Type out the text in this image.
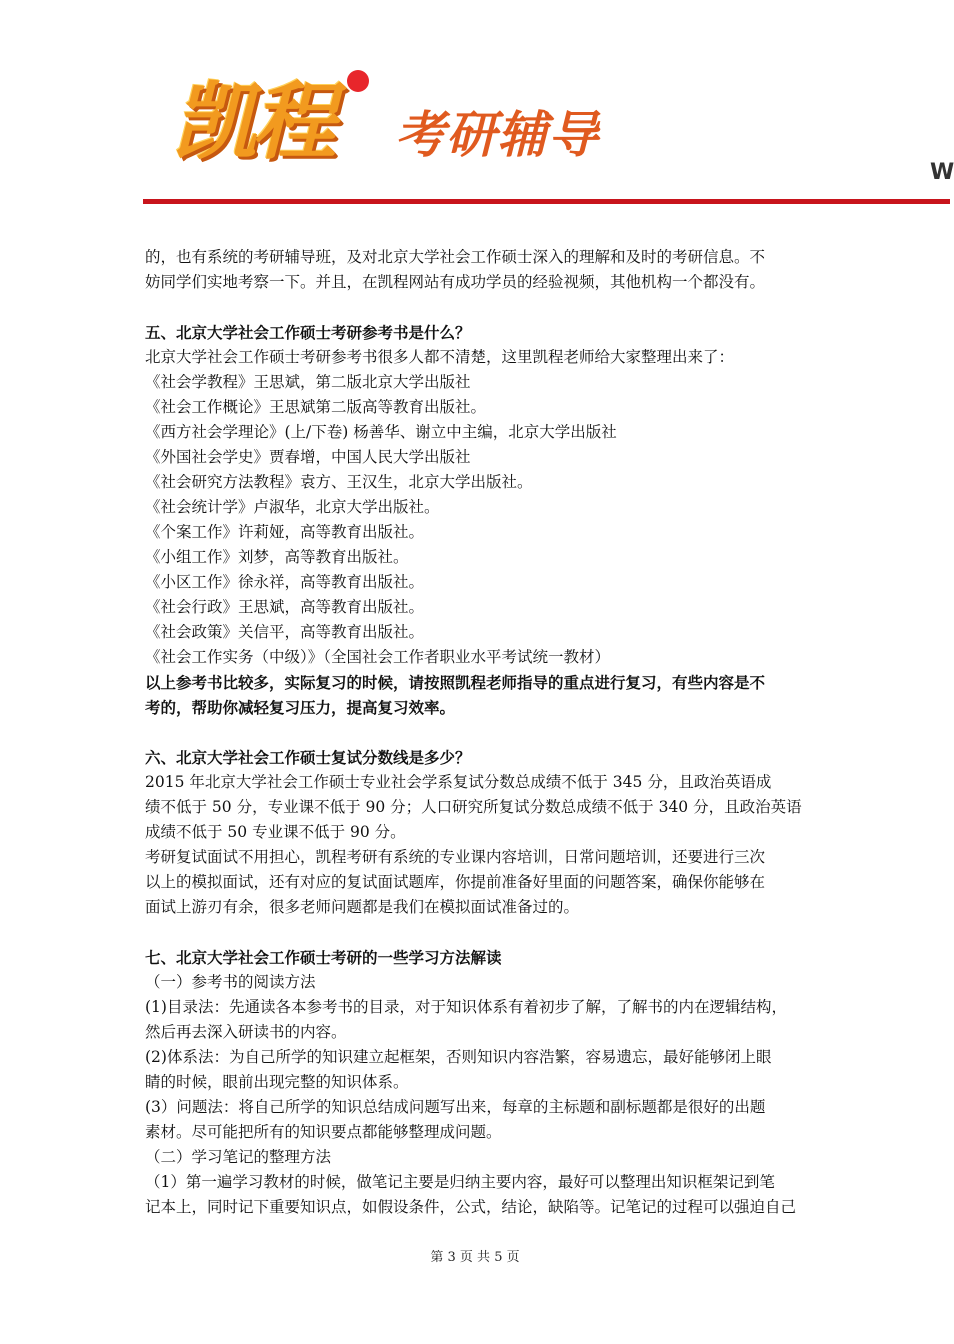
凯程 考研辅导
W
的，也有系统的考研辅导班，及对北京大学社会工作硕士深入的理解和及时的考研信息。不
妨同学们实地考察一下。并且，在凯程网站有成功学员的经验视频，其他机构一个都没有。
五、北京大学社会工作硕士考研参考书是什么？
北京大学社会工作硕士考研参考书很多人都不清楚，这里凯程老师给大家整理出来了：
《社会学教程》王思斌，第二版北京大学出版社
《社会工作概论》王思斌第二版高等教育出版社。
《西方社会学理论》(上/下卷) 杨善华、谢立中主编，北京大学出版社
《外国社会学史》贾春增，中国人民大学出版社
《社会研究方法教程》袁方、王汉生，北京大学出版社。
《社会统计学》卢淑华，北京大学出版社。
《个案工作》许莉娅，高等教育出版社。
《小组工作》刘梦，高等教育出版社。
《小区工作》徐永祥，高等教育出版社。
《社会行政》王思斌，高等教育出版社。
《社会政策》关信平，高等教育出版社。
《社会工作实务（中级）》（全国社会工作者职业水平考试统一教材）
以上参考书比较多，实际复习的时候，请按照凯程老师指导的重点进行复习，有些内容是不
考的，帮助你减轻复习压力，提高复习效率。
六、北京大学社会工作硕士复试分数线是多少？
2015 年北京大学社会工作硕士专业社会学系复试分数总成绩不低于 345 分，且政治英语成
绩不低于 50 分，专业课不低于 90 分；人口研究所复试分数总成绩不低于 340 分，且政治英语
成绩不低于 50 专业课不低于 90 分。
考研复试面试不用担心，凯程考研有系统的专业课内容培训，日常问题培训，还要进行三次
以上的模拟面试，还有对应的复试面试题库，你提前准备好里面的问题答案，确保你能够在
面试上游刃有余，很多老师问题都是我们在模拟面试准备过的。
七、北京大学社会工作硕士考研的一些学习方法解读
（一）参考书的阅读方法
(1)目录法：先通读各本参考书的目录，对于知识体系有着初步了解，了解书的内在逻辑结构，
然后再去深入研读书的内容。
(2)体系法：为自己所学的知识建立起框架，否则知识内容浩繁，容易遗忘，最好能够闭上眼
睛的时候，眼前出现完整的知识体系。
(3）问题法：将自己所学的知识总结成问题写出来，每章的主标题和副标题都是很好的出题
素材。尽可能把所有的知识要点都能够整理成问题。
（二）学习笔记的整理方法
（1）第一遍学习教材的时候，做笔记主要是归纳主要内容，最好可以整理出知识框架记到笔
记本上，同时记下重要知识点，如假设条件，公式，结论，缺陷等。记笔记的过程可以强迫自己
第 3 页 共 5 页
